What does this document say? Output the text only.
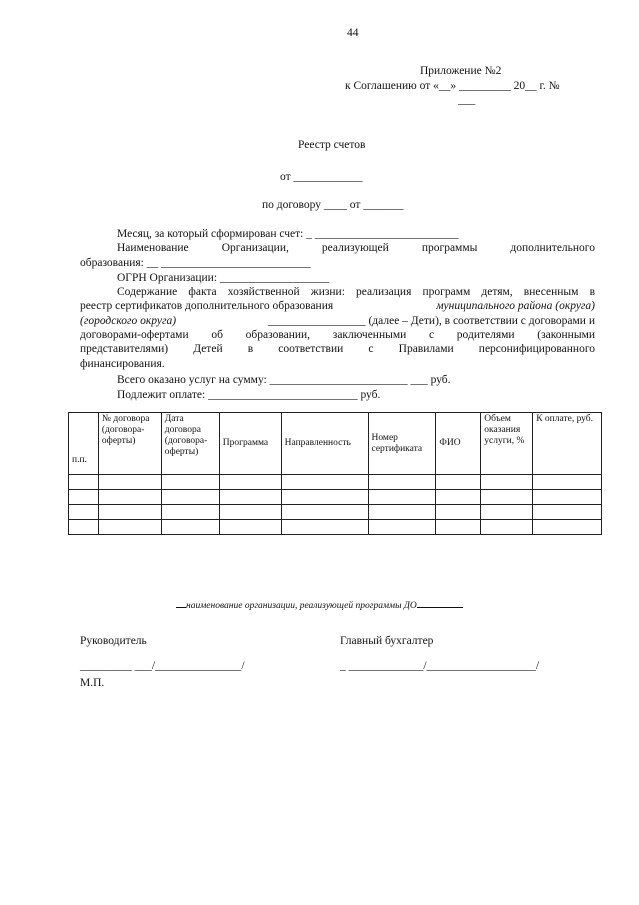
44
Приложение №2
к Соглашению от «__» _________ 20__ г. №
___
Реестр счетов
от ____________
по договору ____ от _______
Месяц, за который сформирован счет: _ _________________________
Наименование Организации, реализующей программы дополнительного
образования: __ __________________________
ОГРН Организации: ___________________
Содержание факта хозяйственной жизни: реализация программ детям, внесенным в
реестр сертификатов дополнительного образования	муниципального района (округа)
(городского округа)	_________________ (далее – Дети), в соответствии с договорами и
договорами-офертами об образовании, заключенными с родителями (законными
представителями) Детей в соответствии с Правилами персонифицированного
финансирования.
Всего оказано услуг на сумму: ________________________ ___ руб.
Подлежит оплате: __________________________ руб.
п.п.	№ договора (договора-оферты)	Дата договора (договора-оферты)	Программа	Направленность	Номер сертификата	ФИО	Объем оказания услуги, %	К оплате, руб.

наименование организации, реализующей программы ДО
Руководитель	Главный бухгалтер
_________ ___/_______________/	_ _____________/___________________/
М.П.
